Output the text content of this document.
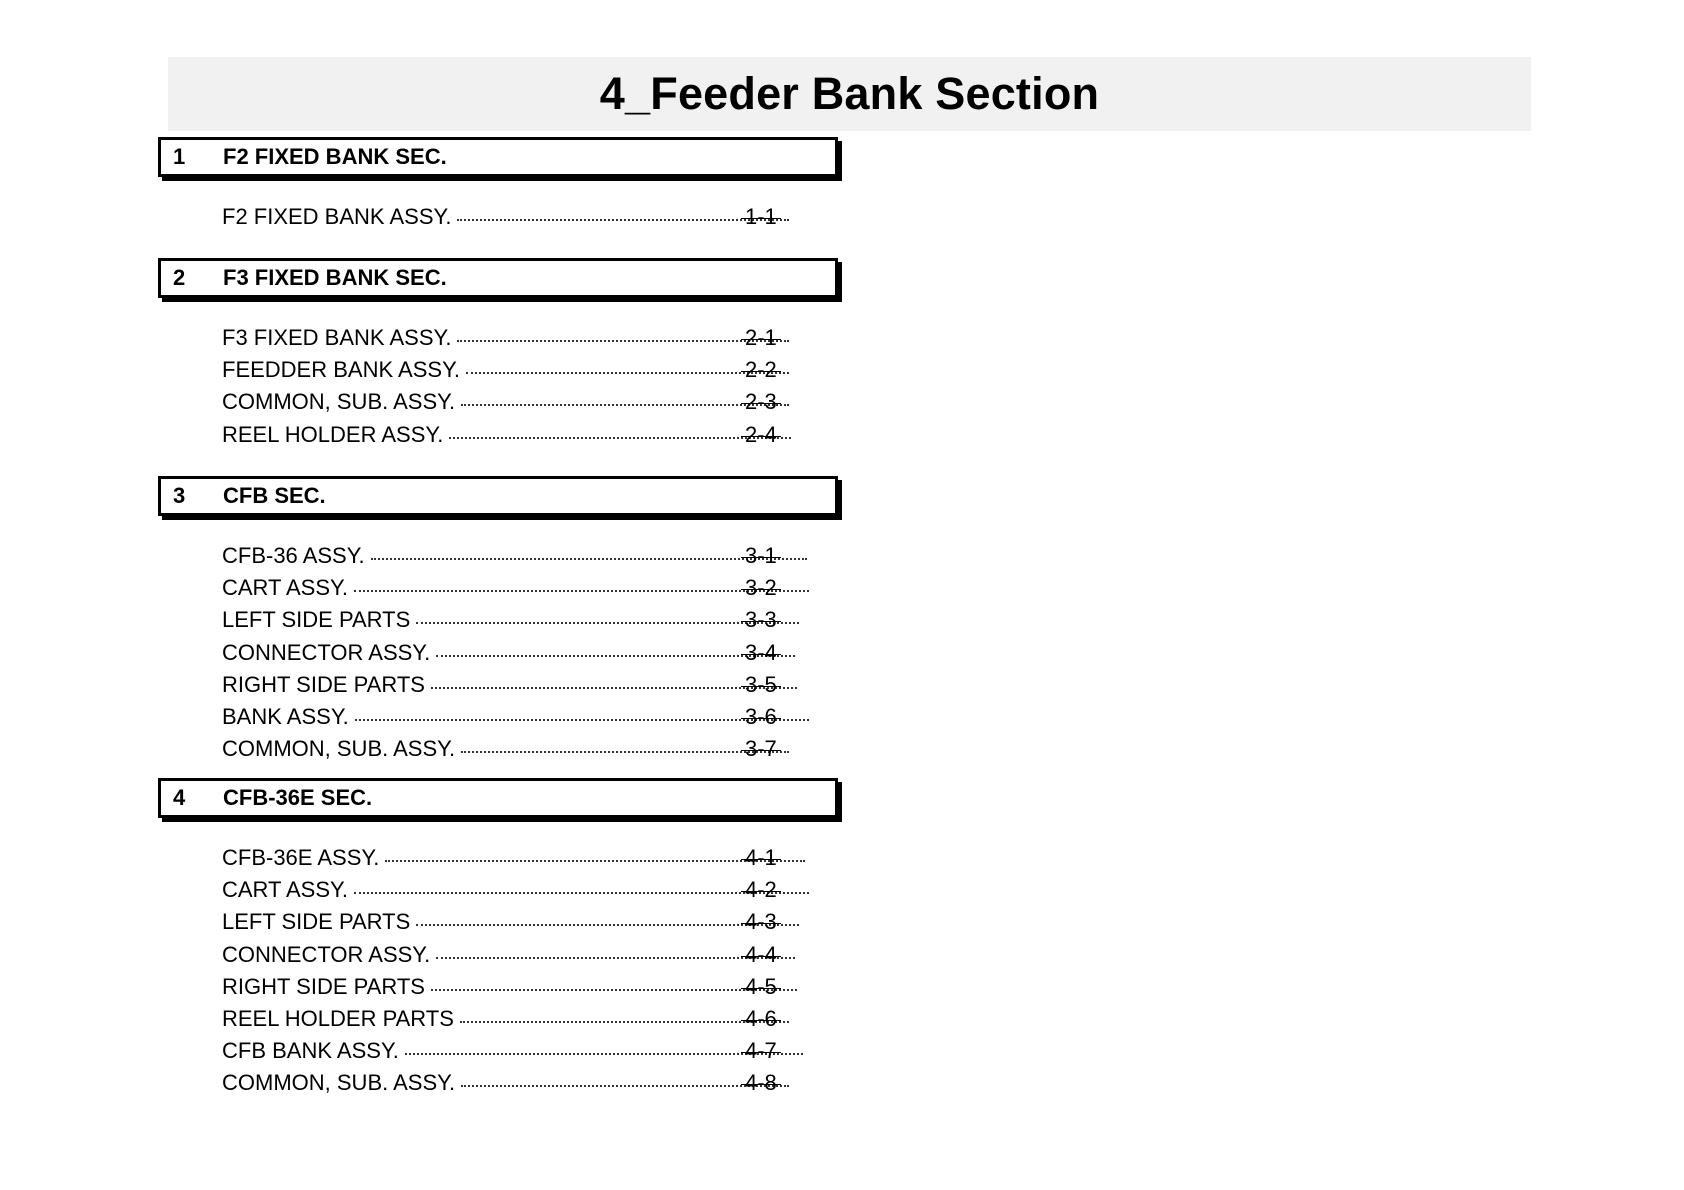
4_Feeder Bank Section
1	F2 FIXED BANK SEC.
F2 FIXED BANK ASSY.	1-1
2	F3 FIXED BANK SEC.
F3 FIXED BANK ASSY.	2-1
FEEDDER BANK ASSY.	2-2
COMMON, SUB. ASSY.	2-3
REEL HOLDER ASSY.	2-4
3	CFB SEC.
CFB-36 ASSY.	3-1
CART ASSY.	3-2
LEFT SIDE PARTS	3-3
CONNECTOR ASSY.	3-4
RIGHT SIDE PARTS	3-5
BANK ASSY.	3-6
COMMON, SUB. ASSY.	3-7
4	CFB-36E SEC.
CFB-36E ASSY.	4-1
CART ASSY.	4-2
LEFT SIDE PARTS	4-3
CONNECTOR ASSY.	4-4
RIGHT SIDE PARTS	4-5
REEL HOLDER PARTS	4-6
CFB BANK ASSY.	4-7
COMMON, SUB. ASSY.	4-8
